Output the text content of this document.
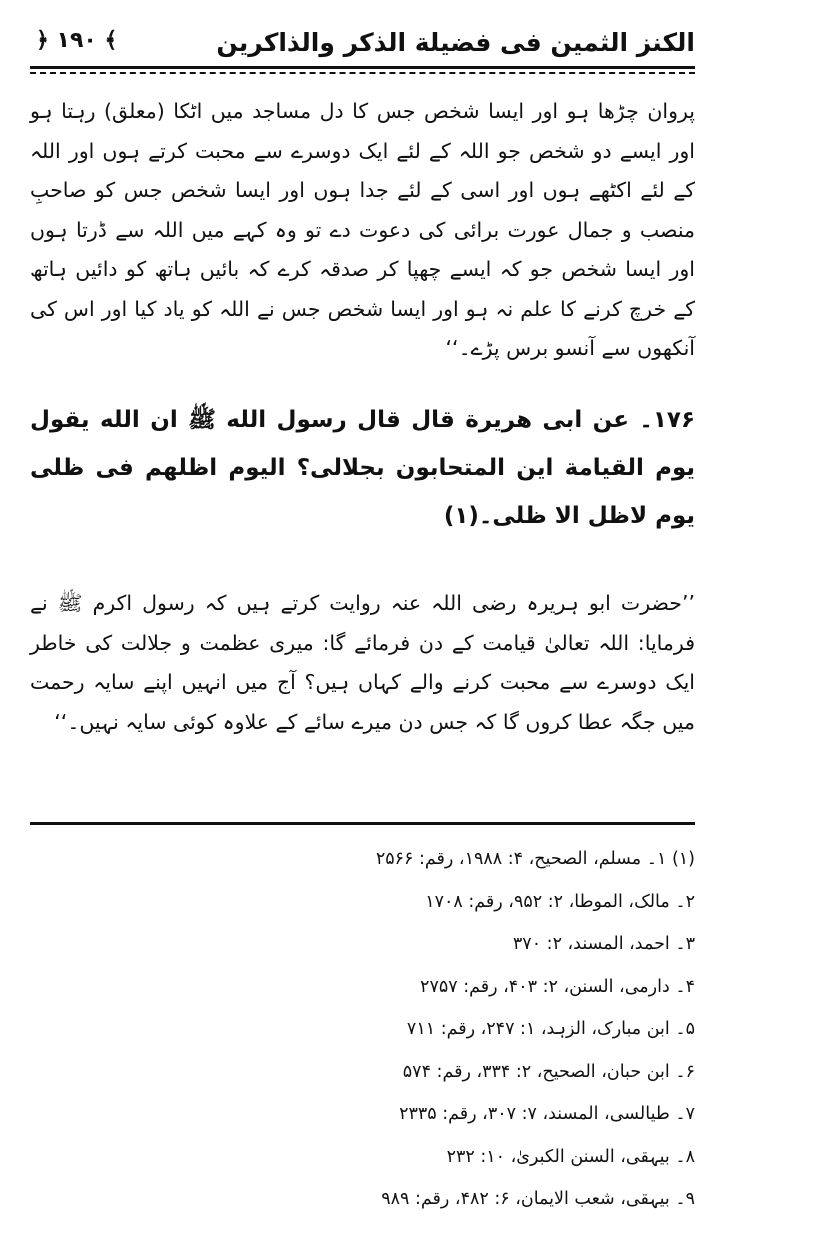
الکنز الثمین فی فضیلة الذکر والذاکرین
﴿ ۱۹۰ ﴾

پروان چڑھا ہو اور ایسا شخص جس کا دل مساجد میں اٹکا (معلق) رہتا ہو اور ایسے دو شخص جو اللہ کے لئے ایک دوسرے سے محبت کرتے ہوں اور اللہ کے لئے اکٹھے ہوں اور اسی کے لئے جدا ہوں اور ایسا شخص جس کو صاحبِ منصب و جمال عورت برائی کی دعوت دے تو وہ کہے میں اللہ سے ڈرتا ہوں اور ایسا شخص جو کہ ایسے چھپا کر صدقہ کرے کہ بائیں ہاتھ کو دائیں ہاتھ کے خرچ کرنے کا علم نہ ہو اور ایسا شخص جس نے اللہ کو یاد کیا اور اس کی آنکھوں سے آنسو برس پڑے۔‘‘

۱۷۶۔ عن ابی هريرة قال قال رسول الله ﷺ ان الله يقول يوم القيامة اين المتحابون بجلالی؟ اليوم اظلهم فی ظلی يوم لاظل الا ظلی۔(۱)

’’حضرت ابو ہریرہ رضی اللہ عنہ روایت کرتے ہیں کہ رسول اکرم ﷺ نے فرمایا: اللہ تعالیٰ قیامت کے دن فرمائے گا: میری عظمت و جلالت کی خاطر ایک دوسرے سے محبت کرنے والے کہاں ہیں؟ آج میں انہیں اپنے سایہ رحمت میں جگہ عطا کروں گا کہ جس دن میرے سائے کے علاوہ کوئی سایہ نہیں۔‘‘

(۱) ۱۔ مسلم، الصحیح، ۴: ۱۹۸۸، رقم: ۲۵۶۶
۲۔ مالک، الموطا، ۲: ۹۵۲، رقم: ۱۷۰۸
۳۔ احمد، المسند، ۲: ۳۷۰
۴۔ دارمی، السنن، ۲: ۴۰۳، رقم: ۲۷۵۷
۵۔ ابن مبارک، الزہد، ۱: ۲۴۷، رقم: ۷۱۱
۶۔ ابن حبان، الصحیح، ۲: ۳۳۴، رقم: ۵۷۴
۷۔ طیالسی، المسند، ۷: ۳۰۷، رقم: ۲۳۳۵
۸۔ بیہقی، السنن الکبریٰ، ۱۰: ۲۳۲
۹۔ بیہقی، شعب الایمان، ۶: ۴۸۲، رقم: ۹۸۹
